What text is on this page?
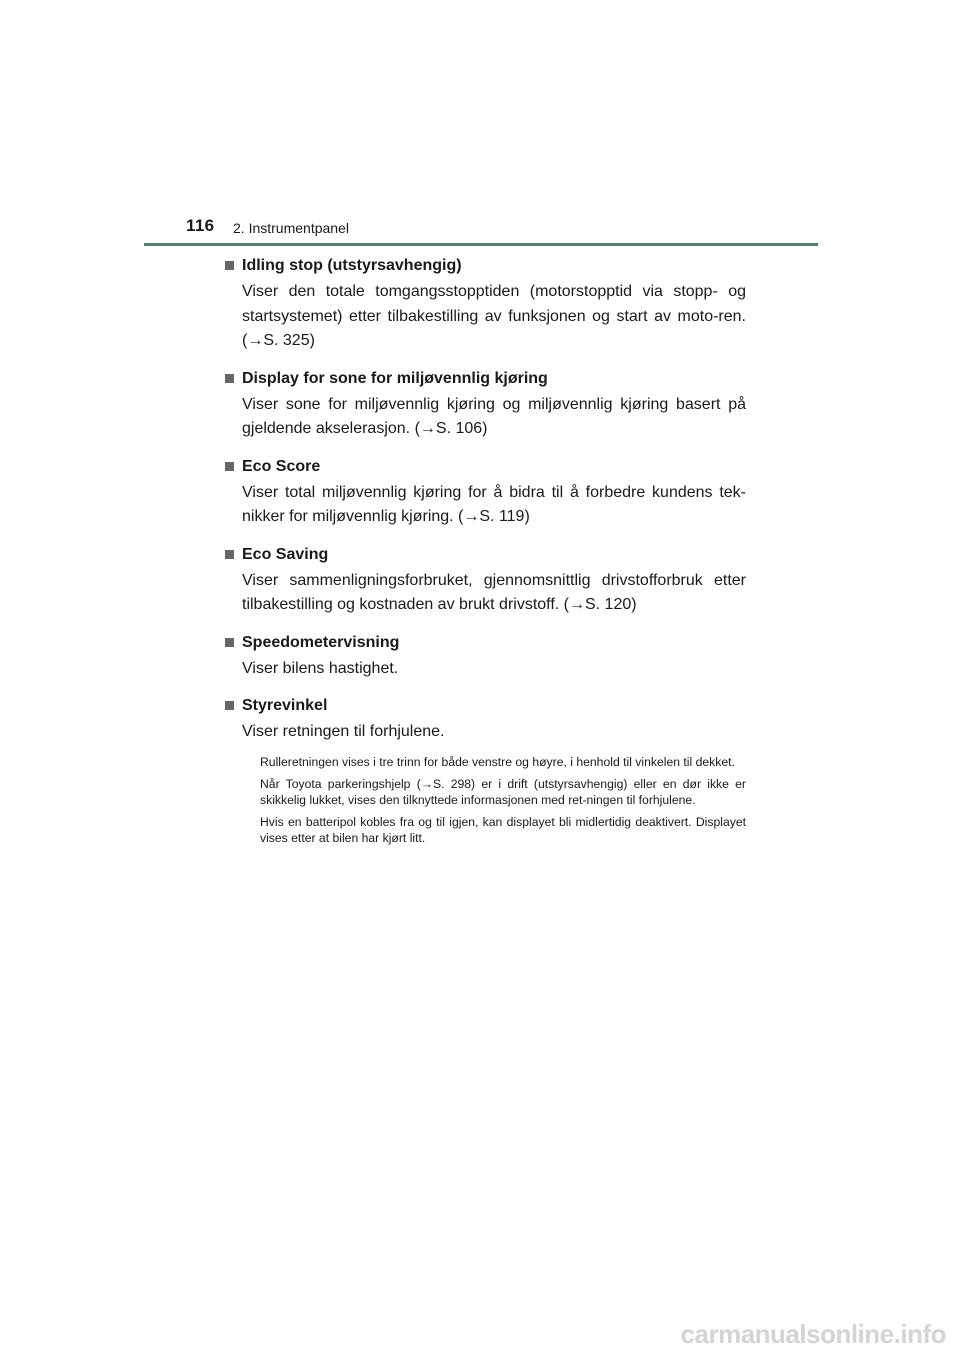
116 2. Instrumentpanel
Idling stop (utstyrsavhengig)

Viser den totale tomgangsstopptiden (motorstopptid via stopp- og startsystemet) etter tilbakestilling av funksjonen og start av moto-ren. (→S. 325)

Display for sone for miljøvennlig kjøring

Viser sone for miljøvennlig kjøring og miljøvennlig kjøring basert på gjeldende akselerasjon. (→S. 106)

Eco Score

Viser total miljøvennlig kjøring for å bidra til å forbedre kundens tek-nikker for miljøvennlig kjøring. (→S. 119)

Eco Saving

Viser sammenligningsforbruket, gjennomsnittlig drivstofforbruk etter tilbakestilling og kostnaden av brukt drivstoff. (→S. 120)

Speedometervisning

Viser bilens hastighet.

Styrevinkel

Viser retningen til forhjulene.

Rulleretningen vises i tre trinn for både venstre og høyre, i henhold til vinkelen til dekket.

Når Toyota parkeringshjelp (→S. 298) er i drift (utstyrsavhengig) eller en dør ikke er skikkelig lukket, vises den tilknyttede informasjonen med ret-ningen til forhjulene.

Hvis en batteripol kobles fra og til igjen, kan displayet bli midlertidig deaktivert. Displayet vises etter at bilen har kjørt litt.

carmanualsonline.info
